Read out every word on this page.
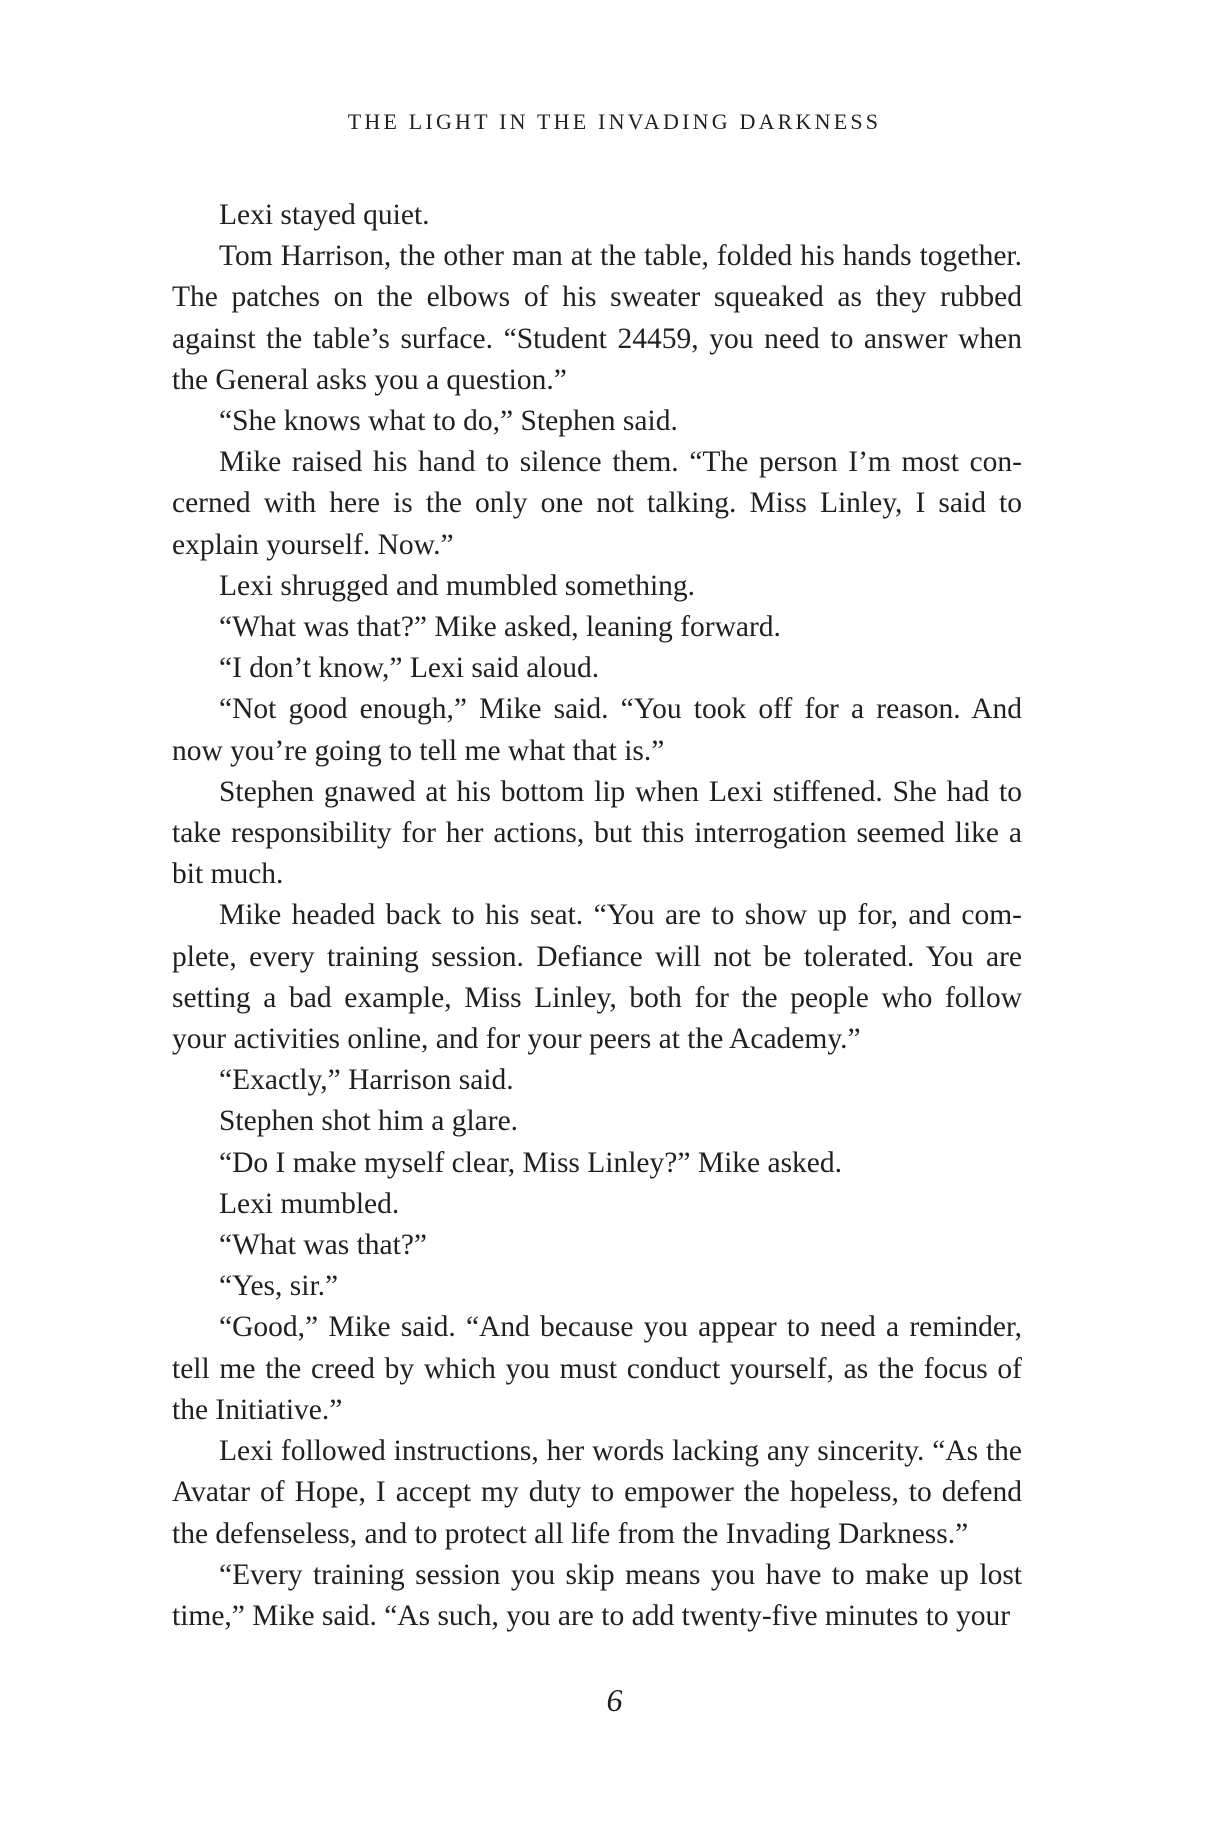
THE LIGHT IN THE INVADING DARKNESS

Lexi stayed quiet.

Tom Harrison, the other man at the table, folded his hands together. The patches on the elbows of his sweater squeaked as they rubbed against the table’s surface. “Student 24459, you need to answer when the General asks you a question.”

“She knows what to do,” Stephen said.

Mike raised his hand to silence them. “The person I’m most concerned with here is the only one not talking. Miss Linley, I said to explain yourself. Now.”

Lexi shrugged and mumbled something.

“What was that?” Mike asked, leaning forward.

“I don’t know,” Lexi said aloud.

“Not good enough,” Mike said. “You took off for a reason. And now you’re going to tell me what that is.”

Stephen gnawed at his bottom lip when Lexi stiffened. She had to take responsibility for her actions, but this interrogation seemed like a bit much.

Mike headed back to his seat. “You are to show up for, and complete, every training session. Defiance will not be tolerated. You are setting a bad example, Miss Linley, both for the people who follow your activities online, and for your peers at the Academy.”

“Exactly,” Harrison said.

Stephen shot him a glare.

“Do I make myself clear, Miss Linley?” Mike asked.

Lexi mumbled.

“What was that?”

“Yes, sir.”

“Good,” Mike said. “And because you appear to need a reminder, tell me the creed by which you must conduct yourself, as the focus of the Initiative.”

Lexi followed instructions, her words lacking any sincerity. “As the Avatar of Hope, I accept my duty to empower the hopeless, to defend the defenseless, and to protect all life from the Invading Darkness.”

“Every training session you skip means you have to make up lost time,” Mike said. “As such, you are to add twenty-five minutes to your

6
